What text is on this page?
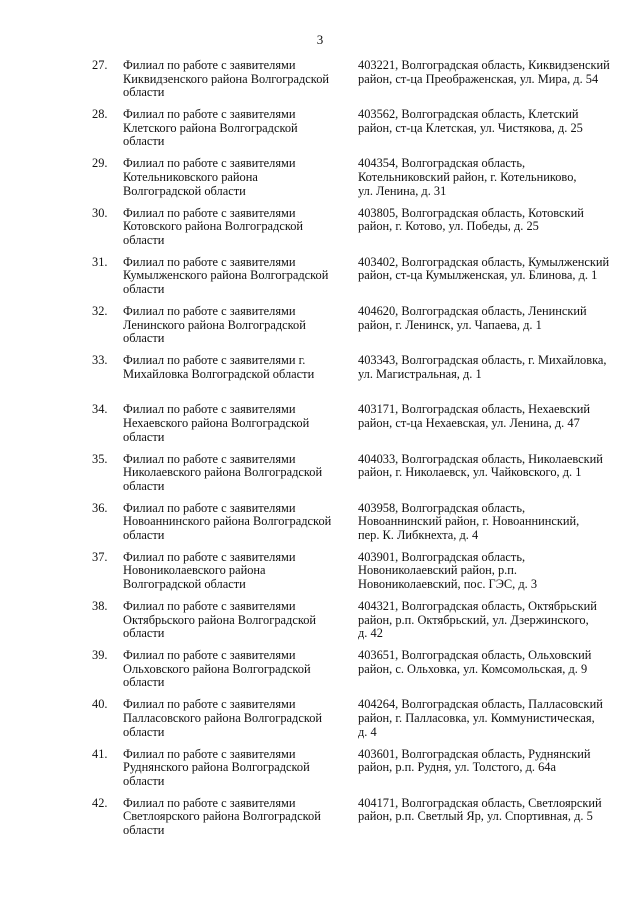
3
27. Филиал по работе с заявителями
Киквидзенского района Волгоградской
области
403221, Волгоградская область, Киквидзенский
район, ст-ца Преображенская, ул. Мира, д. 54
28. Филиал по работе с заявителями
Клетского района Волгоградской
области
403562, Волгоградская область, Клетский
район, ст-ца Клетская, ул. Чистякова, д. 25
29. Филиал по работе с заявителями
Котельниковского района
Волгоградской области
404354, Волгоградская область,
Котельниковский район, г. Котельниково,
ул. Ленина, д. 31
30. Филиал по работе с заявителями
Котовского района Волгоградской
области
403805, Волгоградская область, Котовский
район, г. Котово, ул. Победы, д. 25
31. Филиал по работе с заявителями
Кумылженского района Волгоградской
области
403402, Волгоградская область, Кумылженский
район, ст-ца Кумылженская, ул. Блинова, д. 1
32. Филиал по работе с заявителями
Ленинского района Волгоградской
области
404620, Волгоградская область, Ленинский
район, г. Ленинск, ул. Чапаева, д. 1
33. Филиал по работе с заявителями г.
Михайловка Волгоградской области
403343, Волгоградская область, г. Михайловка,
ул. Магистральная, д. 1
34. Филиал по работе с заявителями
Нехаевского района Волгоградской
области
403171, Волгоградская область, Нехаевский
район, ст-ца Нехаевская, ул. Ленина, д. 47
35. Филиал по работе с заявителями
Николаевского района Волгоградской
области
404033, Волгоградская область, Николаевский
район, г. Николаевск, ул. Чайковского, д. 1
36. Филиал по работе с заявителями
Новоаннинского района Волгоградской
области
403958, Волгоградская область,
Новоаннинский район, г. Новоаннинский,
пер. К. Либкнехта, д. 4
37. Филиал по работе с заявителями
Новониколаевского района
Волгоградской области
403901, Волгоградская область,
Новониколаевский район, р.п.
Новониколаевский, пос. ГЭС, д. 3
38. Филиал по работе с заявителями
Октябрьского района Волгоградской
области
404321, Волгоградская область, Октябрьский
район, р.п. Октябрьский, ул. Дзержинского,
д. 42
39. Филиал по работе с заявителями
Ольховского района Волгоградской
области
403651, Волгоградская область, Ольховский
район, с. Ольховка, ул. Комсомольская, д. 9
40. Филиал по работе с заявителями
Палласовского района Волгоградской
области
404264, Волгоградская область, Палласовский
район, г. Палласовка, ул. Коммунистическая,
д. 4
41. Филиал по работе с заявителями
Руднянского района Волгоградской
области
403601, Волгоградская область, Руднянский
район, р.п. Рудня, ул. Толстого, д. 64а
42. Филиал по работе с заявителями
Светлоярского района Волгоградской
области
404171, Волгоградская область, Светлоярский
район, р.п. Светлый Яр, ул. Спортивная, д. 5
